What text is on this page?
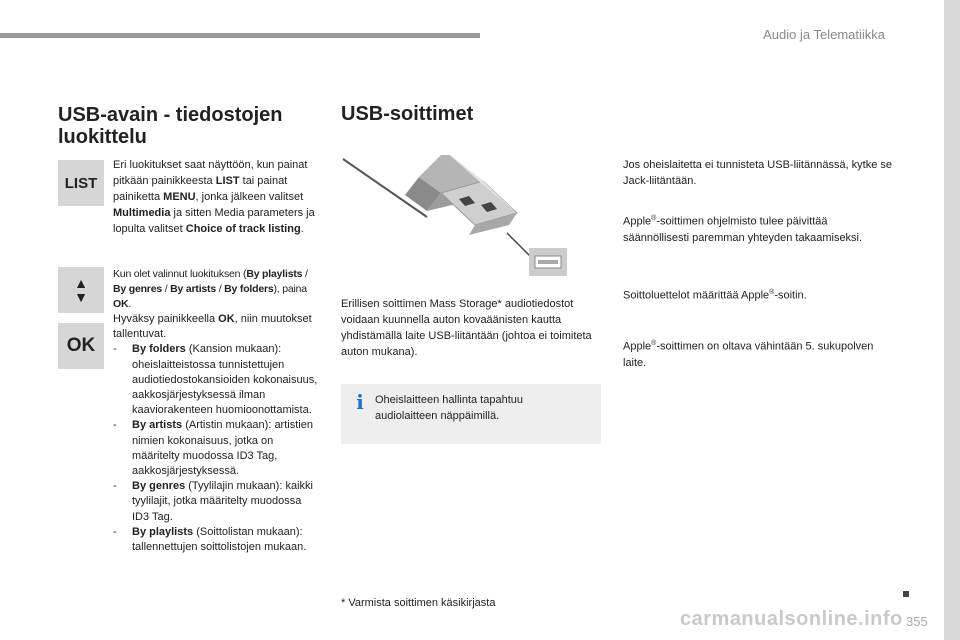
Audio ja Telematiikka
USB-avain - tiedostojen
luokittelu
LIST
▲
▼
OK
Eri luokitukset saat näyttöön, kun painat pitkään painikkeesta LIST tai painat painiketta MENU, jonka jälkeen valitset Multimedia ja sitten Media parameters ja lopulta valitset Choice of track listing.
Kun olet valinnut luokituksen (By playlists / By genres / By artists / By folders), paina OK.
Hyväksy painikkeella OK, niin muutokset tallentuvat.
- By folders (Kansion mukaan): oheislaitteistossa tunnistettujen audiotiedostokansioiden kokonaisuus, aakkosjärjestyksessä ilman kaaviorakenteen huomioonottamista.
- By artists (Artistin mukaan): artistien nimien kokonaisuus, jotka on määritelty muodossa ID3 Tag, aakkosjärjestyksessä.
- By genres (Tyylilajin mukaan): kaikki tyylilajit, jotka määritelty muodossa ID3 Tag.
- By playlists (Soittolistan mukaan): tallennettujen soittolistojen mukaan.
USB-soittimet
Erillisen soittimen Mass Storage* audiotiedostot voidaan kuunnella auton kovaäänisten kautta yhdistämällä laite USB-liitäntään (johtoa ei toimiteta auton mukana).
i Oheislaitteen hallinta tapahtuu audiolaitteen näppäimillä.
* Varmista soittimen käsikirjasta
Jos oheislaitetta ei tunnisteta USB-liitännässä, kytke se Jack-liitäntään.
Apple®-soittimen ohjelmisto tulee päivittää säännöllisesti paremman yhteyden takaamiseksi.
Soittoluettelot määrittää Apple®-soitin.
Apple®-soittimen on oltava vähintään 5. sukupolven laite.
355
carmanualsonline.info
